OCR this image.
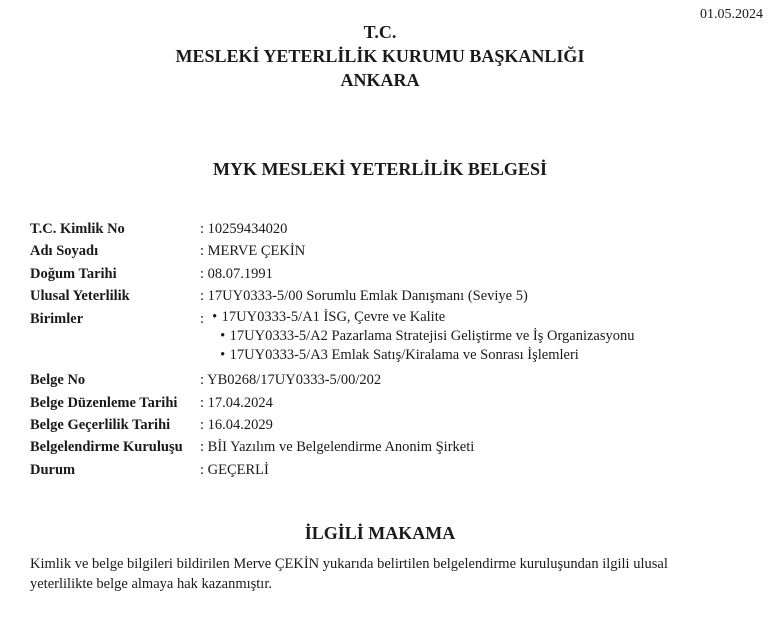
01.05.2024
T.C.
MESLEKİ YETERLİLİK KURUMU BAŞKANLIĞI
ANKARA
MYK MESLEKİ YETERLİLİK BELGESİ
T.C. Kimlik No	: 10259434020
Adı Soyadı	: MERVE ÇEKİN
Doğum Tarihi	: 08.07.1991
Ulusal Yeterlilik	: 17UY0333-5/00 Sorumlu Emlak Danışmanı (Seviye 5)
Birimler	: • 17UY0333-5/A1 İSG, Çevre ve Kalite
• 17UY0333-5/A2 Pazarlama Stratejisi Geliştirme ve İş Organizasyonu
• 17UY0333-5/A3 Emlak Satış/Kiralama ve Sonrası İşlemleri
Belge No	: YB0268/17UY0333-5/00/202
Belge Düzenleme Tarihi	: 17.04.2024
Belge Geçerlilik Tarihi	: 16.04.2029
Belgelendirme Kuruluşu	: BİI Yazılım ve Belgelendirme Anonim Şirketi
Durum	: GEÇERLİ
İLGİLİ MAKAMA
Kimlik ve belge bilgileri bildirilen Merve ÇEKİN yukarıda belirtilen belgelendirme kuruluşundan ilgili ulusal yeterlilikte belge almaya hak kazanmıştır.
